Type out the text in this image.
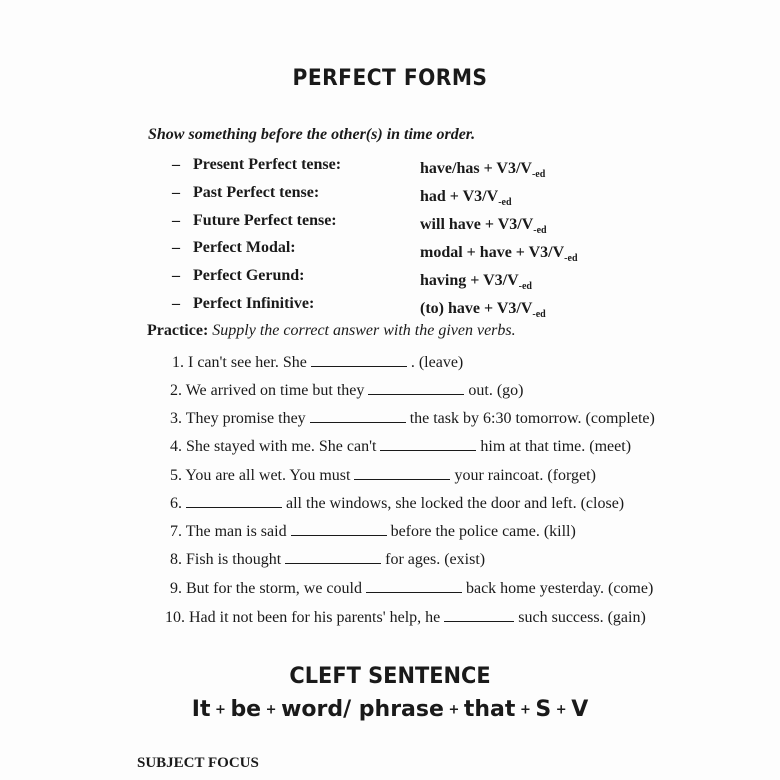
PERFECT FORMS
Show something before the other(s) in time order.
– Present Perfect tense:	have/has + $V3/V_{-ed}$
– Past Perfect tense:	had + $V3/V_{-ed}$
– Future Perfect tense:	will have + $V3/V_{-ed}$
– Perfect Modal:	modal + have + $V3/V_{-ed}$
– Perfect Gerund:	having + $V3/V_{-ed}$
– Perfect Infinitive:	(to) have + $V3/V_{-ed}$
Practice: Supply the correct answer with the given verbs.
1. I can't see her. She	. (leave)
2. We arrived on time but they	out. (go)
3. They promise they	the task by 6:30 tomorrow. (complete)
4. She stayed with me. She can't	him at that time. (meet)
5. You are all wet. You must	your raincoat. (forget)
6.	all the windows, she locked the door and left. (close)
7. The man is said	before the police came. (kill)
8. Fish is thought	for ages. (exist)
9. But for the storm, we could	back home yesterday. (come)
10. Had it not been for his parents' help, he	such success. (gain)
CLEFT SENTENCE
It + be + word/ phrase + that + S + V
SUBJECT FOCUS
